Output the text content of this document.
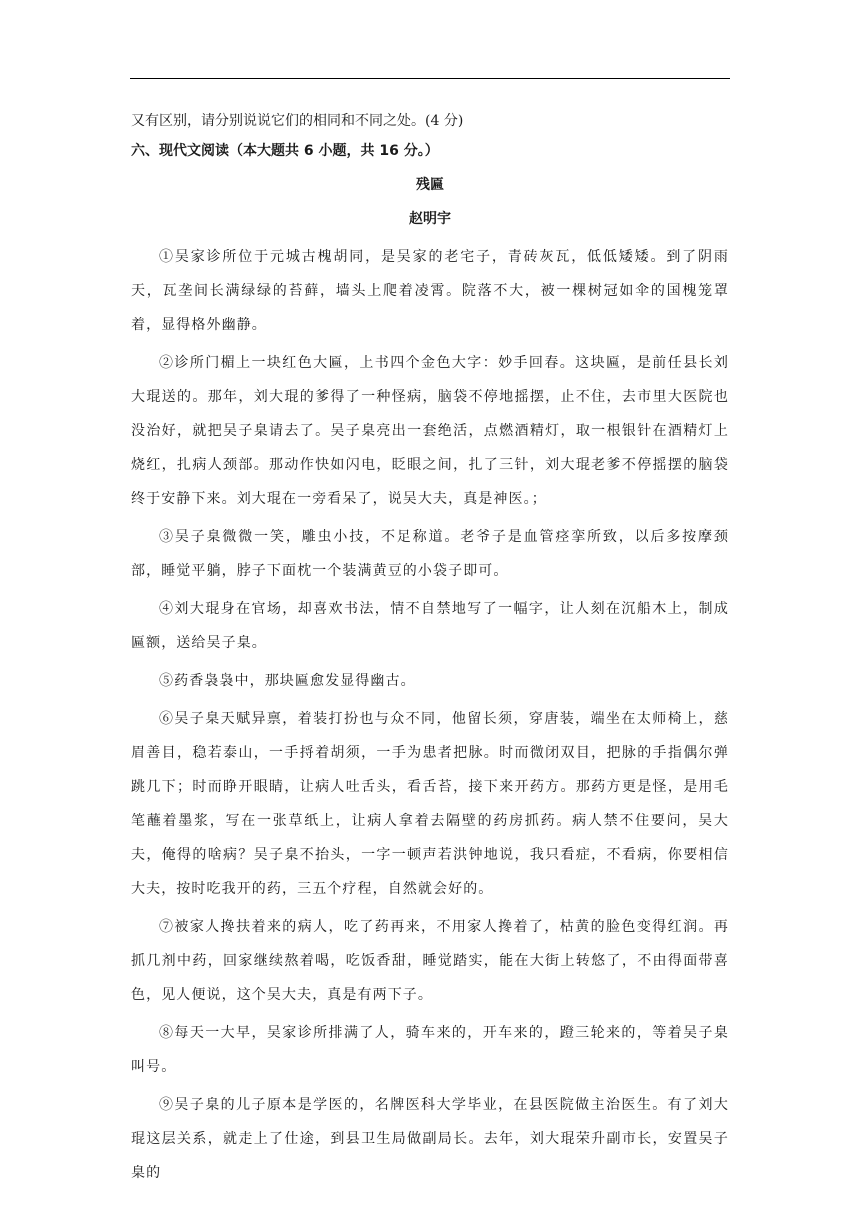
又有区别，请分别说说它们的相同和不同之处。(4 分)

六、现代文阅读（本大题共 6 小题，共 16 分。）

残匾

赵明宇

①吴家诊所位于元城古槐胡同，是吴家的老宅子，青砖灰瓦，低低矮矮。到了阴雨天，瓦垄间长满绿绿的苔藓，墙头上爬着凌霄。院落不大，被一棵树冠如伞的国槐笼罩着，显得格外幽静。

②诊所门楣上一块红色大匾，上书四个金色大字：妙手回春。这块匾，是前任县长刘大琨送的。那年，刘大琨的爹得了一种怪病，脑袋不停地摇摆，止不住，去市里大医院也没治好，就把吴子臬请去了。吴子臬亮出一套绝活，点燃酒精灯，取一根银针在酒精灯上烧红，扎病人颈部。那动作快如闪电，眨眼之间，扎了三针，刘大琨老爹不停摇摆的脑袋终于安静下来。刘大琨在一旁看呆了，说吴大夫，真是神医。；

③吴子臬微微一笑，雕虫小技，不足称道。老爷子是血管痉挛所致，以后多按摩颈部，睡觉平躺，脖子下面枕一个装满黄豆的小袋子即可。

④刘大琨身在官场，却喜欢书法，情不自禁地写了一幅字，让人刻在沉船木上，制成匾额，送给吴子臬。

⑤药香袅袅中，那块匾愈发显得幽古。

⑥吴子臬天赋异禀，着装打扮也与众不同，他留长须，穿唐装，端坐在太师椅上，慈眉善目，稳若泰山，一手捋着胡须，一手为患者把脉。时而微闭双目，把脉的手指偶尔弹跳几下；时而睁开眼睛，让病人吐舌头，看舌苔，接下来开药方。那药方更是怪，是用毛笔蘸着墨浆，写在一张草纸上，让病人拿着去隔壁的药房抓药。病人禁不住要问，吴大夫，俺得的啥病？吴子臬不抬头，一字一顿声若洪钟地说，我只看症，不看病，你要相信大夫，按时吃我开的药，三五个疗程，自然就会好的。

⑦被家人搀扶着来的病人，吃了药再来，不用家人搀着了，枯黄的脸色变得红润。再抓几剂中药，回家继续熬着喝，吃饭香甜，睡觉踏实，能在大街上转悠了，不由得面带喜色，见人便说，这个吴大夫，真是有两下子。

⑧每天一大早，吴家诊所排满了人，骑车来的，开车来的，蹬三轮来的，等着吴子臬叫号。

⑨吴子臬的儿子原本是学医的，名牌医科大学毕业，在县医院做主治医生。有了刘大琨这层关系，就走上了仕途，到县卫生局做副局长。去年，刘大琨荣升副市长，安置吴子臬的
